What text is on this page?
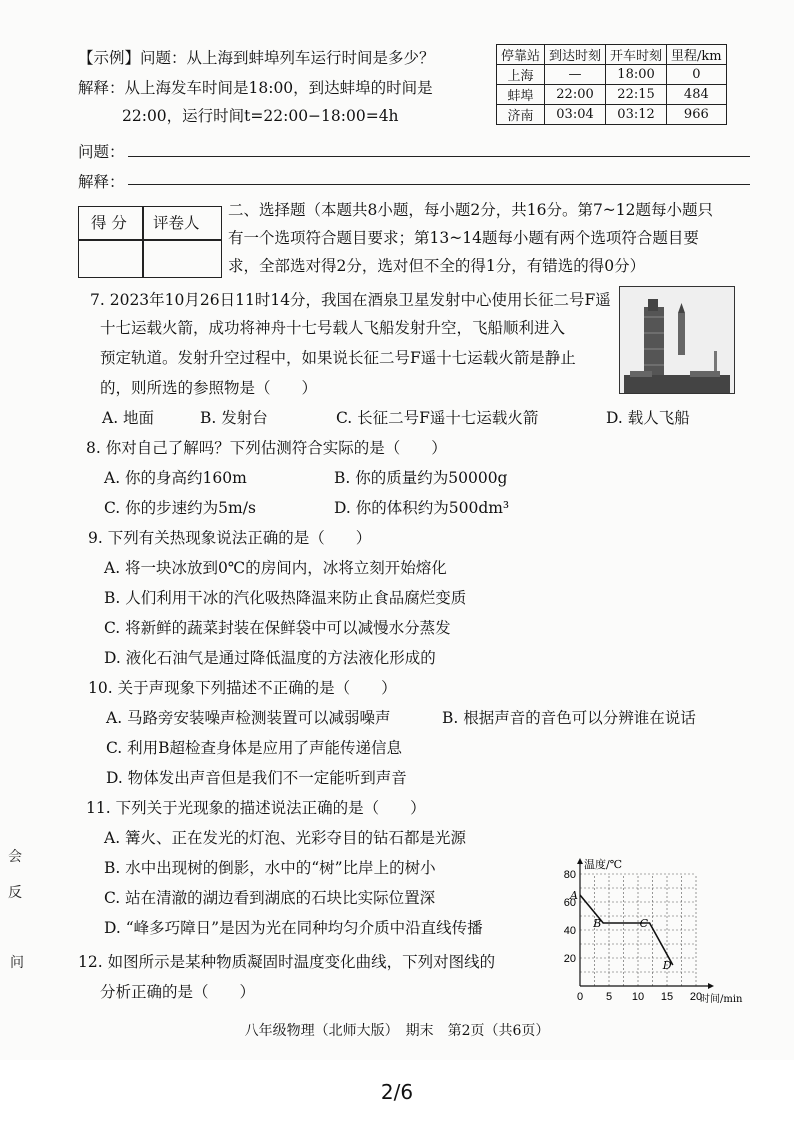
【示例】问题：从上海到蚌埠列车运行时间是多少？
解释：从上海发车时间是18:00，到达蚌埠的时间是
22:00，运行时间t=22:00−18:00=4h
停靠站	到达时刻	开车时刻	里程/km
上海	—	18:00	0
蚌埠	22:00	22:15	484
济南	03:04	03:12	966
问题：
解释：
得 分 评卷人
二、选择题（本题共8小题，每小题2分，共16分。第7~12题每小题只
有一个选项符合题目要求；第13~14题每小题有两个选项符合题目要
求，全部选对得2分，选对但不全的得1分，有错选的得0分）
7. 2023年10月26日11时14分，我国在酒泉卫星发射中心使用长征二号F遥
十七运载火箭，成功将神舟十七号载人飞船发射升空，飞船顺利进入
预定轨道。发射升空过程中，如果说长征二号F遥十七运载火箭是静止
的，则所选的参照物是（　　）
A. 地面	B. 发射台	C. 长征二号F遥十七运载火箭	D. 载人飞船
8. 你对自己了解吗？下列估测符合实际的是（　　）
A. 你的身高约160m	B. 你的质量约为50000g
C. 你的步速约为5m/s	D. 你的体积约为500dm³
9. 下列有关热现象说法正确的是（　　）
A. 将一块冰放到0℃的房间内，冰将立刻开始熔化
B. 人们利用干冰的汽化吸热降温来防止食品腐烂变质
C. 将新鲜的蔬菜封装在保鲜袋中可以减慢水分蒸发
D. 液化石油气是通过降低温度的方法液化形成的
10. 关于声现象下列描述不正确的是（　　）
A. 马路旁安装噪声检测装置可以减弱噪声	B. 根据声音的音色可以分辨谁在说话
C. 利用B超检查身体是应用了声能传递信息
D. 物体发出声音但是我们不一定能听到声音
11. 下列关于光现象的描述说法正确的是（　　）
A. 篝火、正在发光的灯泡、光彩夺目的钻石都是光源
B. 水中出现树的倒影，水中的“树”比岸上的树小
C. 站在清澈的湖边看到湖底的石块比实际位置深
D. “峰多巧障日”是因为光在同种均匀介质中沿直线传播
12. 如图所示是某种物质凝固时温度变化曲线，下列对图线的
分析正确的是（　　）	0 5 10 15 20
20
40
60
80
温度/℃
时间/min
A
B	C
D
八年级物理（北师大版）　期末　第2页（共6页）
会
反
问
2/6
